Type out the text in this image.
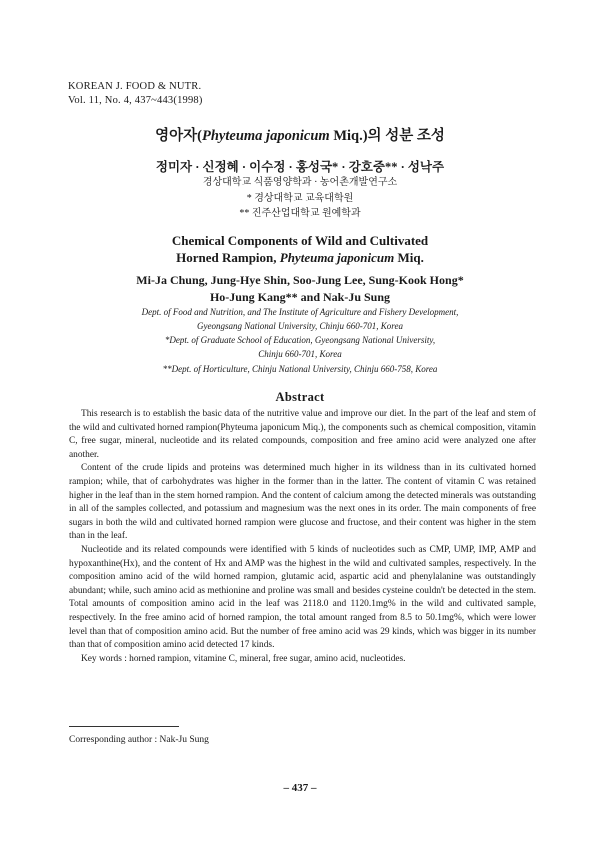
KOREAN J. FOOD & NUTR.
Vol. 11, No. 4, 437~443(1998)
영아자(Phyteuma japonicum Miq.)의 성분 조성
정미자 · 신정혜 · 이수정 · 홍성국* · 강호중** · 성낙주
경상대학교 식품영양학과 · 농어촌개발연구소
* 경상대학교 교육대학원
** 진주산업대학교 원예학과
Chemical Components of Wild and Cultivated
Horned Rampion, Phyteuma japonicum Miq.
Mi-Ja Chung, Jung-Hye Shin, Soo-Jung Lee, Sung-Kook Hong*
Ho-Jung Kang** and Nak-Ju Sung
Dept. of Food and Nutrition, and The Institute of Agriculture and Fishery Development,
Gyeongsang National University, Chinju 660-701, Korea
*Dept. of Graduate School of Education, Gyeongsang National University,
Chinju 660-701, Korea
**Dept. of Horticulture, Chinju National University, Chinju 660-758, Korea
Abstract

This research is to establish the basic data of the nutritive value and improve our diet. In the part of the leaf and stem of the wild and cultivated horned rampion(Phyteuma japonicum Miq.), the components such as chemical composition, vitamin C, free sugar, mineral, nucleotide and its related compounds, composition and free amino acid were analyzed one after another.

Content of the crude lipids and proteins was determined much higher in its wildness than in its cultivated horned rampion; while, that of carbohydrates was higher in the former than in the latter. The content of vitamin C was retained higher in the leaf than in the stem horned rampion. And the content of calcium among the detected minerals was outstanding in all of the samples collected, and potassium and magnesium was the next ones in its order. The main components of free sugars in both the wild and cultivated horned rampion were glucose and fructose, and their content was higher in the stem than in the leaf.

Nucleotide and its related compounds were identified with 5 kinds of nucleotides such as CMP, UMP, IMP, AMP and hypoxanthine(Hx), and the content of Hx and AMP was the highest in the wild and cultivated samples, respectively. In the composition amino acid of the wild horned rampion, glutamic acid, aspartic acid and phenylalanine was outstandingly abundant; while, such amino acid as methionine and proline was small and besides cysteine couldn't be detected in the stem. Total amounts of composition amino acid in the leaf was 2118.0 and 1120.1mg% in the wild and cultivated sample, respectively. In the free amino acid of horned rampion, the total amount ranged from 8.5 to 50.1mg%, which were lower level than that of composition amino acid. But the number of free amino acid was 29 kinds, which was bigger in its number than that of composition amino acid detected 17 kinds.

Key words : horned rampion, vitamine C, mineral, free sugar, amino acid, nucleotides.

Corresponding author : Nak-Ju Sung
– 437 –
